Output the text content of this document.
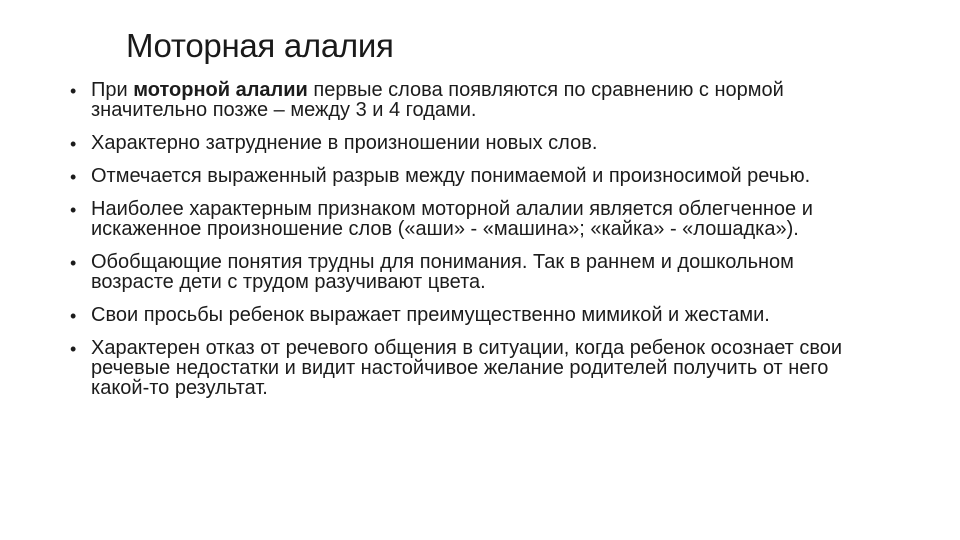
Моторная алалия
• При моторной алалии первые слова появляются по сравнению с нормой значительно позже – между 3 и 4 годами.
• Характерно затруднение в произношении новых слов.
• Отмечается выраженный разрыв между понимаемой и произносимой речью.
• Наиболее характерным признаком моторной алалии является облегченное и искаженное произношение слов («аши» - «машина»; «кайка» - «лошадка»).
• Обобщающие понятия трудны для понимания. Так в раннем и дошкольном возрасте дети с трудом разучивают цвета.
• Свои просьбы ребенок выражает преимущественно мимикой и жестами.
• Характерен отказ от речевого общения в ситуации, когда ребенок осознает свои речевые недостатки и видит настойчивое желание родителей получить от него какой-то результат.
